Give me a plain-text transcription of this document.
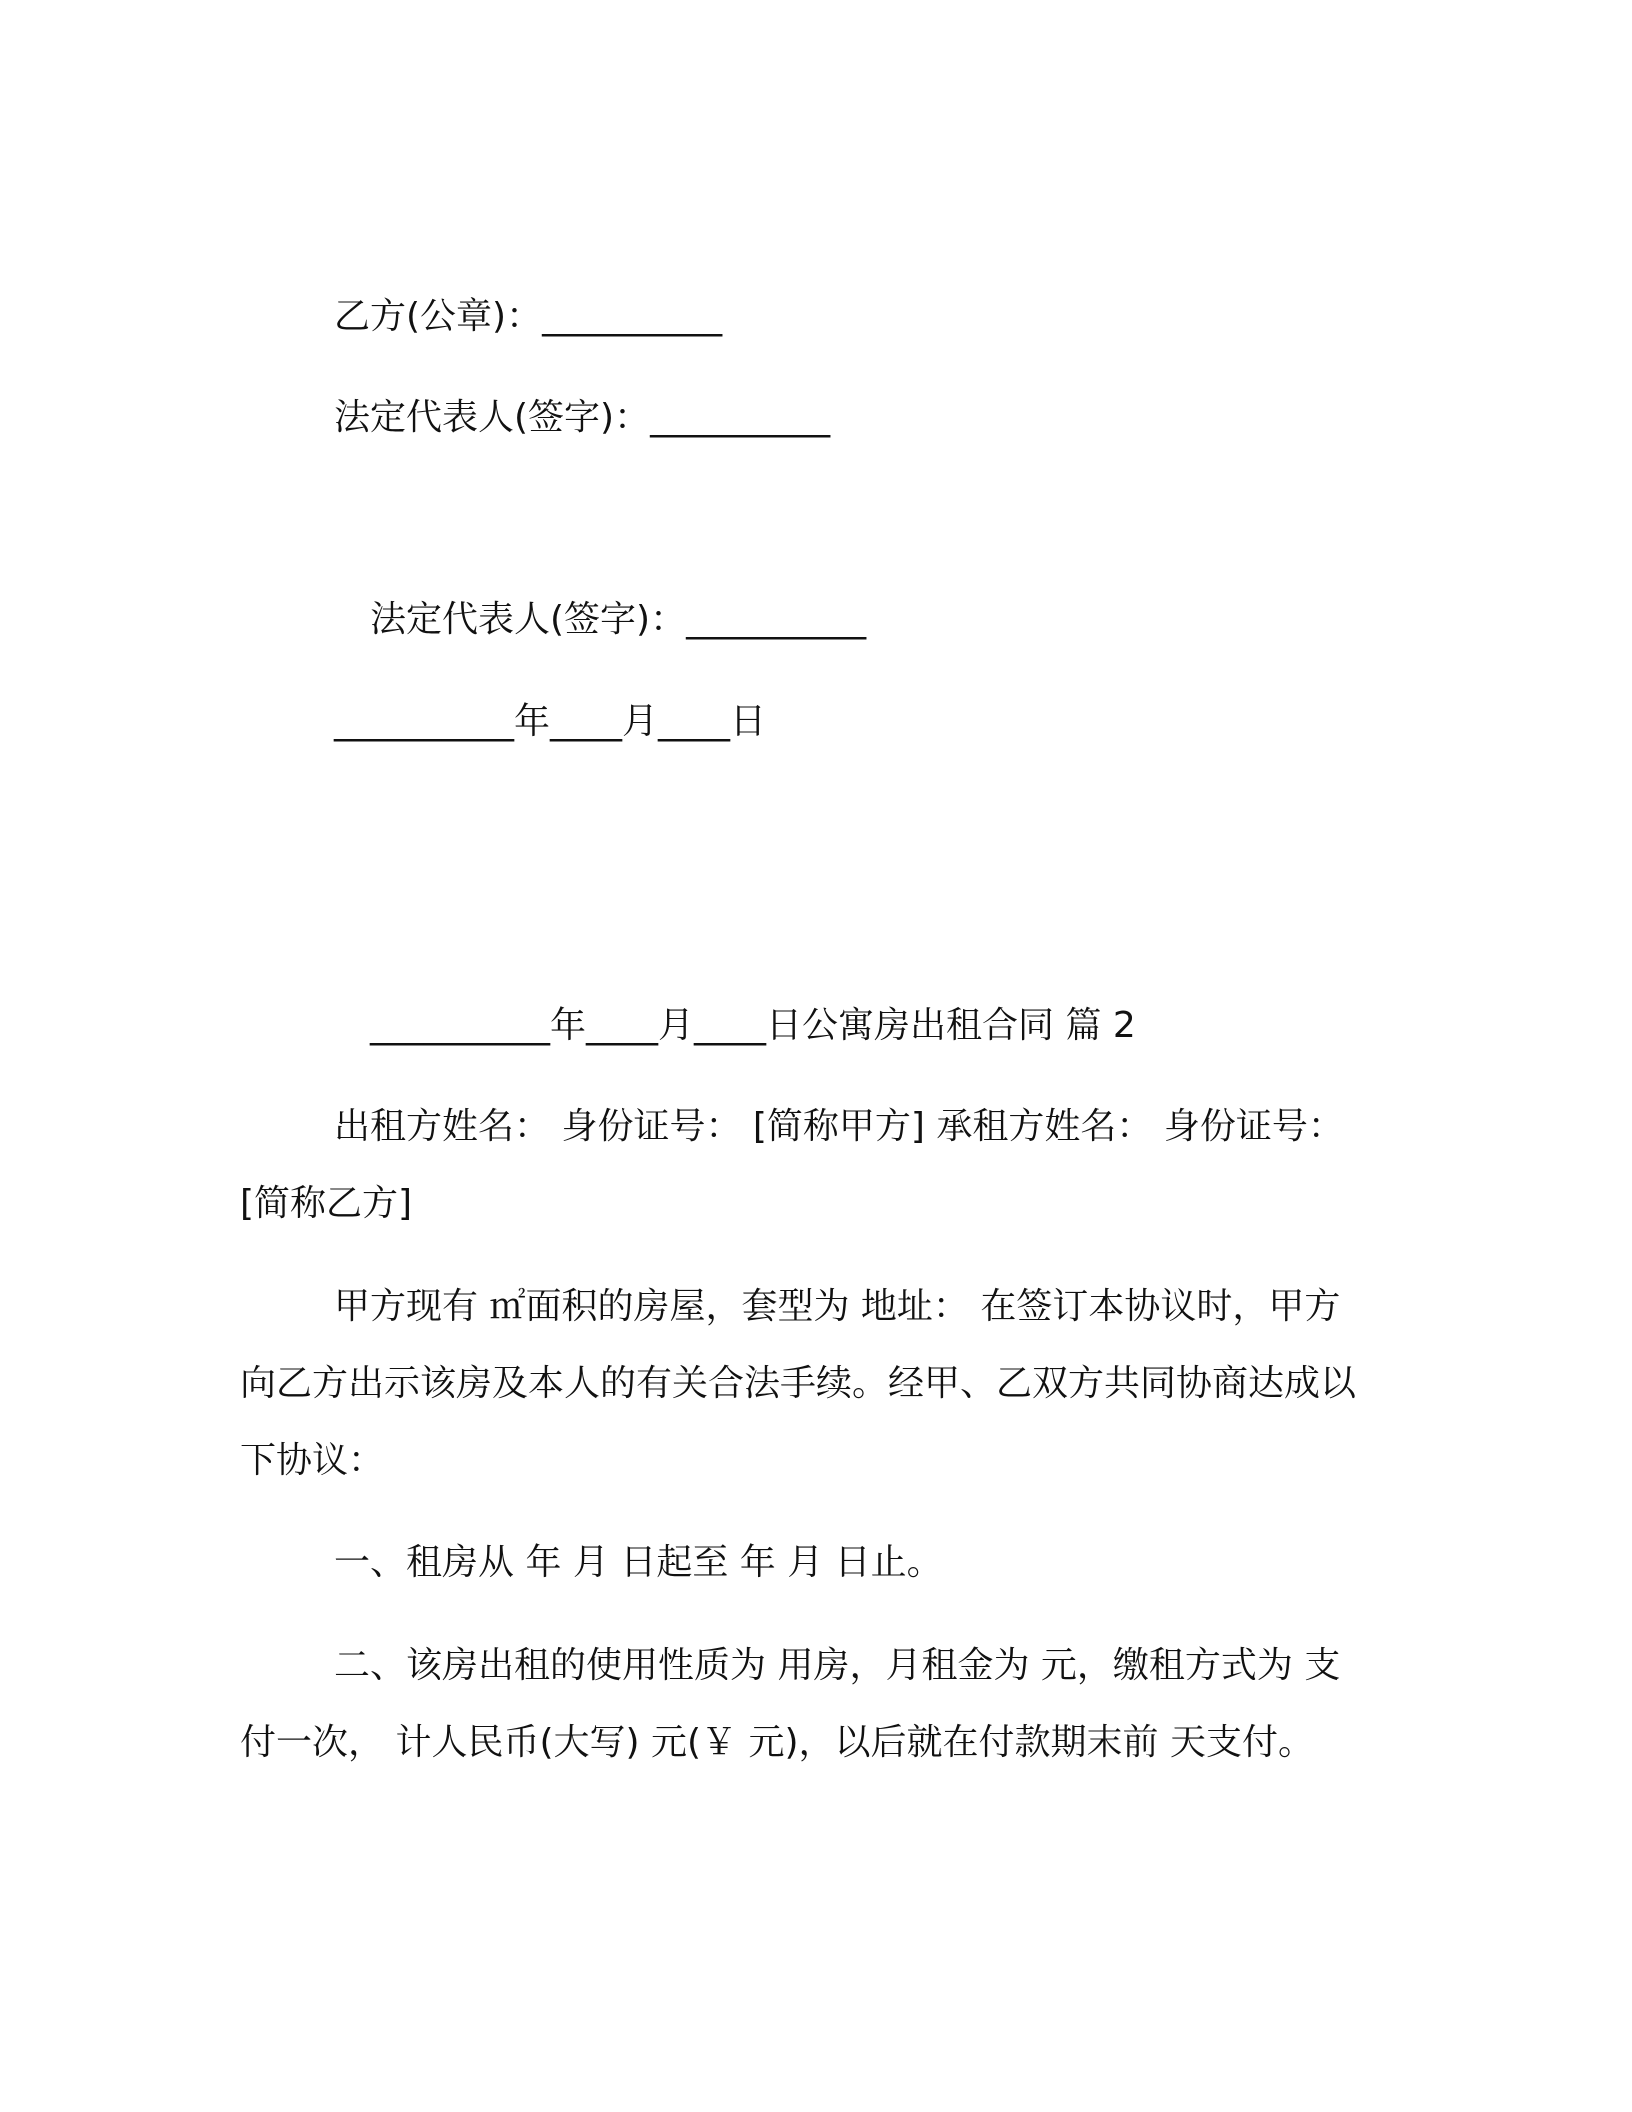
乙方(公章)：__________
法定代表人(签字)：__________
法定代表人(签字)：__________
__________年____月____日
__________年____月____日公寓房出租合同 篇 2
出租方姓名： 身份证号： [简称甲方] 承租方姓名： 身份证号： [简称乙方]
甲方现有 ㎡面积的房屋，套型为 地址： 在签订本协议时，甲方向乙方出示该房及本人的有关合法手续。经甲、乙双方共同协商达成以下协议：
一、租房从 年 月 日起至 年 月 日止。
二、该房出租的使用性质为 用房，月租金为 元，缴租方式为 支付一次， 计人民币(大写) 元(￥ 元)，以后就在付款期末前 天支付。
